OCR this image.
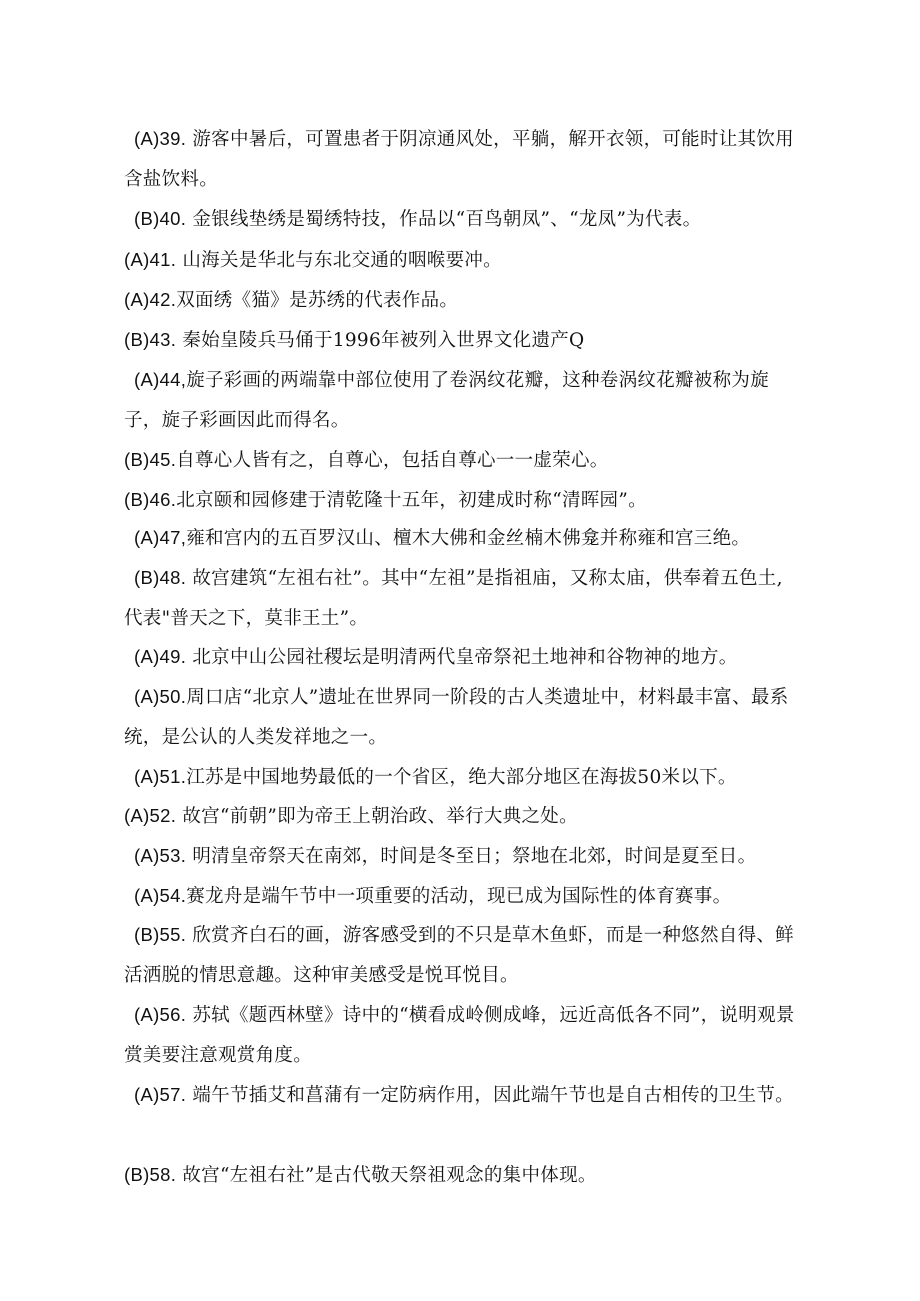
(A)39. 游客中暑后，可置患者于阴凉通风处，平躺，解开衣领，可能时让其饮用含盐饮料。

(B)40. 金银线垫绣是蜀绣特技，作品以“百鸟朝凤”、“龙凤”为代表。

(A)41. 山海关是华北与东北交通的咽喉要冲。

(A)42.双面绣《猫》是苏绣的代表作品。

(B)43. 秦始皇陵兵马俑于1996年被列入世界文化遗产Q

(A)44,旋子彩画的两端靠中部位使用了卷涡纹花瓣，这种卷涡纹花瓣被称为旋子，旋子彩画因此而得名。

(B)45.自尊心人皆有之，自尊心，包括自尊心一一虚荣心。

(B)46.北京颐和园修建于清乾隆十五年，初建成时称“清晖园”。

(A)47,雍和宫内的五百罗汉山、檀木大佛和金丝楠木佛龛并称雍和宫三绝。

(B)48. 故宫建筑“左祖右社”。其中“左祖”是指祖庙，又称太庙，供奉着五色土,代表"普天之下，莫非王土”。

(A)49. 北京中山公园社稷坛是明清两代皇帝祭祀土地神和谷物神的地方。

(A)50.周口店“北京人”遗址在世界同一阶段的古人类遗址中，材料最丰富、最系统，是公认的人类发祥地之一。

(A)51.江苏是中国地势最低的一个省区，绝大部分地区在海拔50米以下。

(A)52. 故宫“前朝”即为帝王上朝治政、举行大典之处。

(A)53. 明清皇帝祭天在南郊，时间是冬至日；祭地在北郊，时间是夏至日。

(A)54.赛龙舟是端午节中一项重要的活动，现已成为国际性的体育赛事。

(B)55. 欣赏齐白石的画，游客感受到的不只是草木鱼虾，而是一种悠然自得、鲜活洒脱的情思意趣。这种审美感受是悦耳悦目。

(A)56. 苏轼《题西林壁》诗中的“横看成岭侧成峰，远近高低各不同”，说明观景赏美要注意观赏角度。

(A)57. 端午节插艾和菖蒲有一定防病作用，因此端午节也是自古相传的卫生节。

(B)58. 故宫“左祖右社”是古代敬天祭祖观念的集中体现。
